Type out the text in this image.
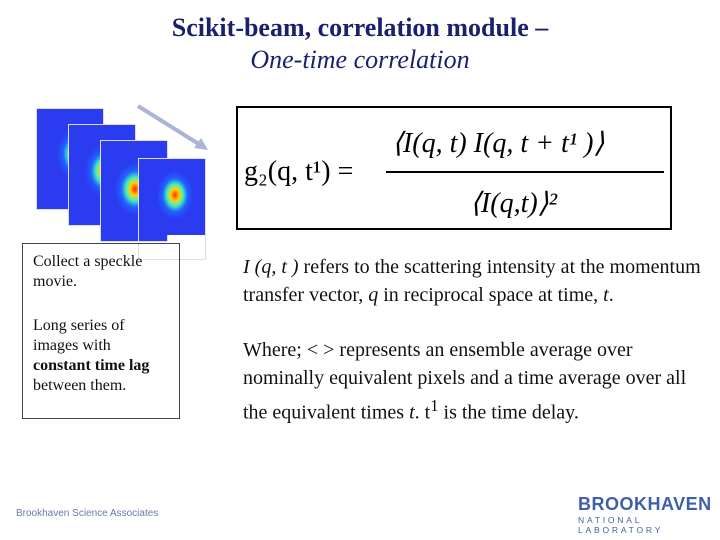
Scikit-beam, correlation module –
One-time correlation
g₂(q, t¹) =
⟨I(q, t) I(q, t + t¹ )⟩
⟨I(q,t)⟩²

Collect a speckle movie.

Long series of images with constant time lag between them.

I (q, t ) refers to the scattering intensity at the momentum transfer vector, q in reciprocal space at time, t.

Where; < > represents an ensemble average over nominally equivalent pixels and a time average over all the equivalent times t. $t^1$ is the time delay.

Brookhaven Science Associates	BROOKHAVEN
NATIONAL LABORATORY
